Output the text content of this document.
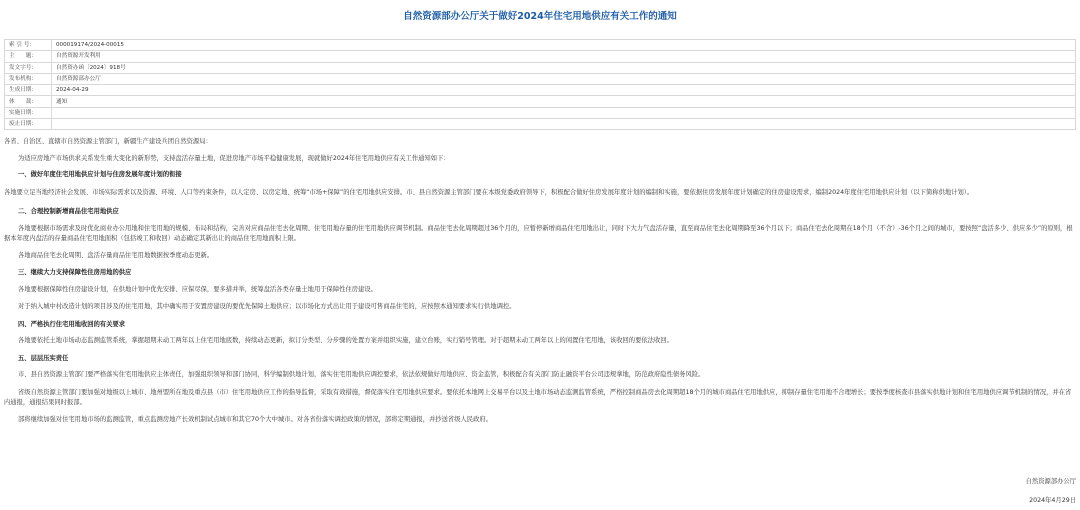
自然资源部办公厅关于做好2024年住宅用地供应有关工作的通知
索 引 号：	000019174/2024-00015
主　　题：	自然资源开发利用
发文字号：	自然资办函〔2024〕918号
发布机构：	自然资源部办公厅
生成日期：	2024-04-29
体　　裁：	通知
实施日期：	
废止日期：	

各省、自治区、直辖市自然资源主管部门，新疆生产建设兵团自然资源局：

为适应房地产市场供求关系发生重大变化的新形势，支持盘活存量土地，促进房地产市场平稳健康发展，现就做好2024年住宅用地供应有关工作通知如下：

一、做好年度住宅用地供应计划与住房发展年度计划的衔接

各地要立足当地经济社会发展、市场实际需求以及资源、环境、人口等约束条件，以人定房、以房定地、统筹“市场+保障”的住宅用地供应安排。市、县自然资源主管部门要在本级党委政府领导下，积极配合做好住房发展年度计划的编制和实施，要依据住房发展年度计划确定的住房建设需求，编制2024年度住宅用地供应计划（以下简称供地计划）。

二、合理控制新增商品住宅用地供应

各地要根据市场需求及时优化商业办公用地和住宅用地的规模、布局和结构，完善对应商品住宅去化周期、住宅用地存量的住宅用地供应调节机制。商品住宅去化周期超过36个月的，应暂停新增商品住宅用地出让，同时下大力气盘活存量，直至商品住宅去化周期降至36个月以下；商品住宅去化周期在18个月（不含）-36个月之间的城市，要按照“盘活多少、供应多少”的原则，根据本年度内盘活的存量商品住宅用地面积（包括竣工和收回）动态确定其新出让的商品住宅用地面积上限。

各地商品住宅去化周期、盘活存量商品住宅用地数据按季度动态更新。

三、继续大力支持保障性住房用地的供应

各地要根据保障性住房建设计划，在供地计划中优先安排、应保尽保，要多措并举，统筹盘活各类存量土地用于保障性住房建设。

对于纳入城中村改造计划的项目涉及的住宅用地，其中确实用于安置房建设的要优先保障土地供应；以市场化方式出让用于建设可售商品住宅的，应按照本通知要求实行供地调控。

四、严格执行住宅用地收回的有关要求

各地要依托土地市场动态监测监管系统，掌握超期未动工两年以上住宅用地底数，持续动态更新，拟订分类型、分步骤的处置方案并组织实施，建立台账，实行销号管理。对于超期未动工两年以上的闲置住宅用地，该收回的要依法收回。

五、层层压实责任

市、县自然资源主管部门要严格落实住宅用地供应主体责任，加强组织领导和部门协同，科学编制供地计划，落实住宅用地供应调控要求，依法依规做好用地供应、资金监管，积极配合有关部门防止融资平台公司违规拿地，防范政府隐性债务风险。

省级自然资源主管部门要加强对地级以上城市、地州盟所在地及重点县（市）住宅用地供应工作的指导监督，采取有效措施，督促落实住宅用地供应要求。要依托本地网上交易平台以及土地市场动态监测监管系统，严格控制商品房去化周期超18个月的城市商品住宅用地供应，抑制存量住宅用地不合理增长；要按季度核查市县落实供地计划和住宅用地供应调节机制的情况，并在省内通报，通报结果同时报部。

部将继续加强对住宅用地市场的监测监管，重点监测房地产长效机制试点城市和其它70个大中城市。对各省份落实调控政策的情况，部将定期通报，并抄送省级人民政府。

自然资源部办公厅
2024年4月29日
